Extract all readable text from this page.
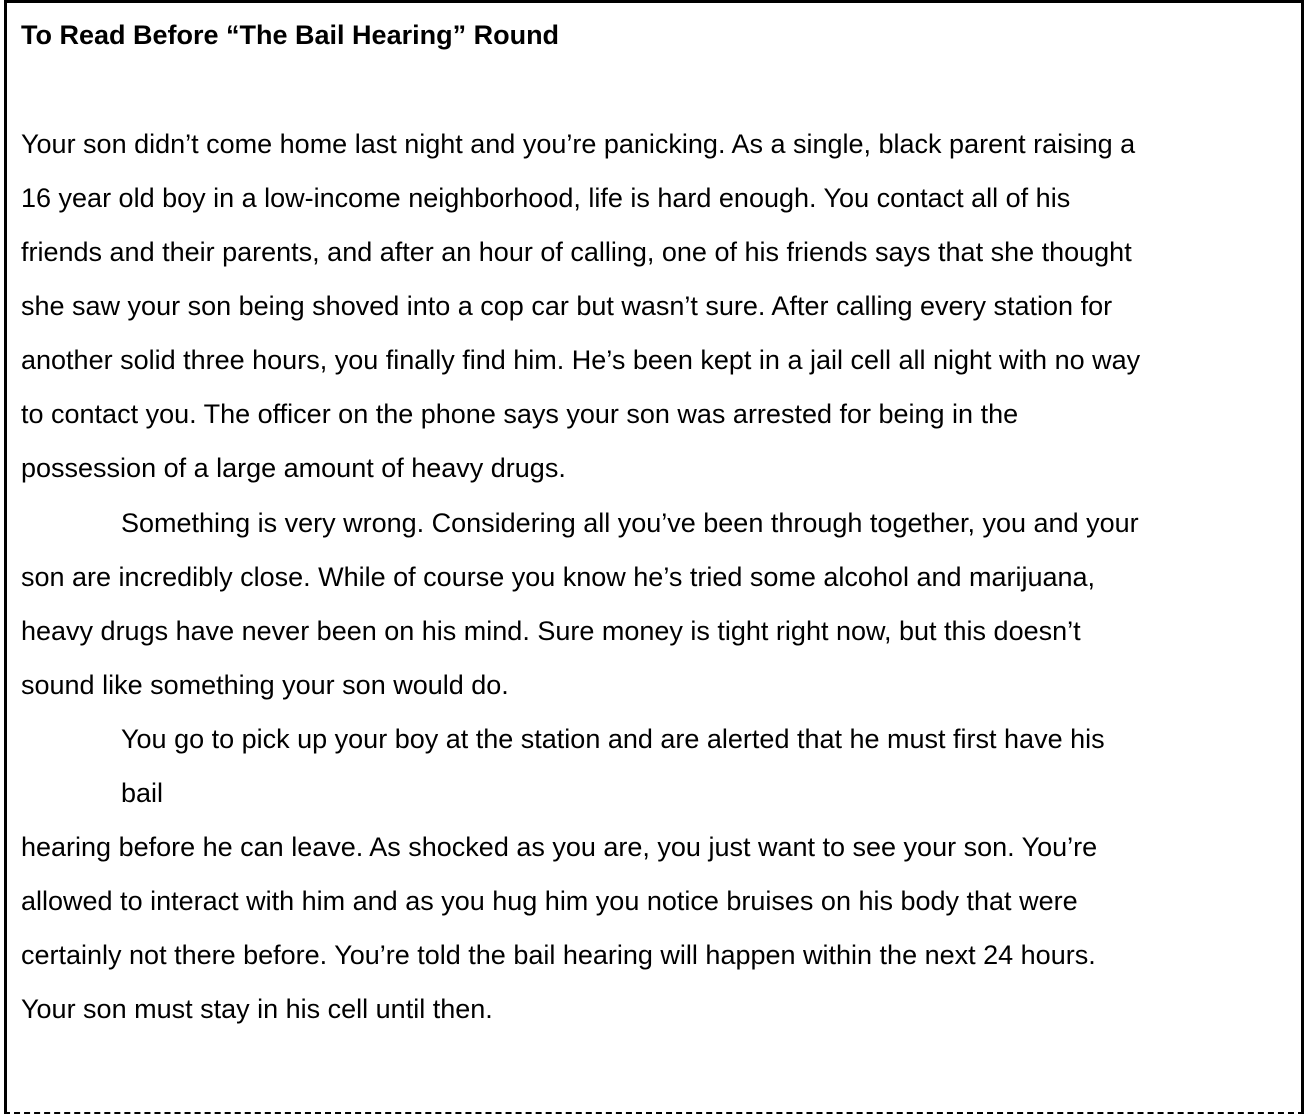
To Read Before “The Bail Hearing” Round
Your son didn’t come home last night and you’re panicking. As a single, black parent raising a
16 year old boy in a low-income neighborhood, life is hard enough. You contact all of his
friends and their parents, and after an hour of calling, one of his friends says that she thought
she saw your son being shoved into a cop car but wasn’t sure. After calling every station for
another solid three hours, you finally find him. He’s been kept in a jail cell all night with no way
to contact you. The officer on the phone says your son was arrested for being in the
possession of a large amount of heavy drugs.
Something is very wrong. Considering all you’ve been through together, you and your
son are incredibly close. While of course you know he’s tried some alcohol and marijuana,
heavy drugs have never been on his mind. Sure money is tight right now, but this doesn’t
sound like something your son would do.
You go to pick up your boy at the station and are alerted that he must first have his
bail
hearing before he can leave. As shocked as you are, you just want to see your son. You’re
allowed to interact with him and as you hug him you notice bruises on his body that were
certainly not there before. You’re told the bail hearing will happen within the next 24 hours.
Your son must stay in his cell until then.
